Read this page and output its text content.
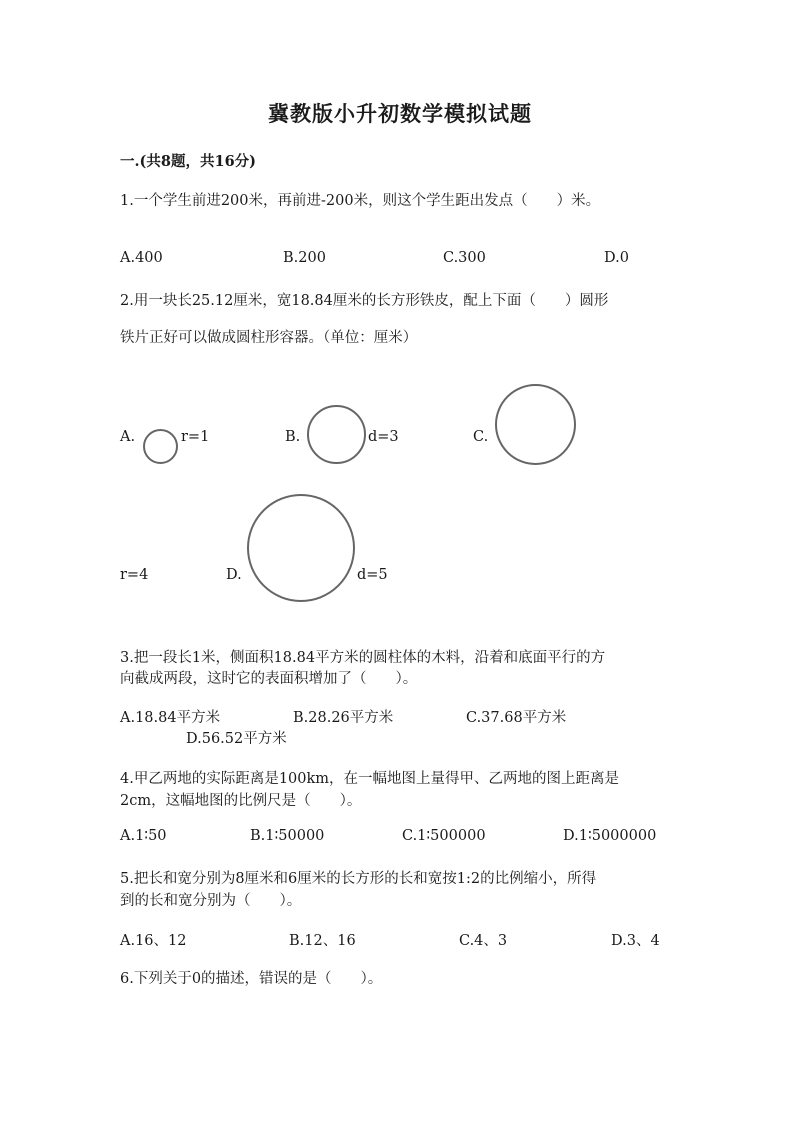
冀教版小升初数学模拟试题
一.(共8题，共16分)
1.一个学生前进200米，再前进-200米，则这个学生距出发点（　　）米。
A.400	B.200	C.300	D.0
2.用一块长25.12厘米，宽18.84厘米的长方形铁皮，配上下面（　　）圆形
铁片正好可以做成圆柱形容器。（单位：厘米）
A.	r=1	B.	d=3	C.
r=4	D.	d=5
3.把一段长1米，侧面积18.84平方米的圆柱体的木料，沿着和底面平行的方
向截成两段，这时它的表面积增加了（　　）。
A.18.84平方米	B.28.26平方米	C.37.68平方米
D.56.52平方米
4.甲乙两地的实际距离是100km，在一幅地图上量得甲、乙两地的图上距离是
2cm，这幅地图的比例尺是（　　）。
A.1∶50	B.1∶50000	C.1∶500000	D.1∶5000000
5.把长和宽分别为8厘米和6厘米的长方形的长和宽按1:2的比例缩小，所得
到的长和宽分别为（　　）。
A.16、12	B.12、16	C.4、3	D.3、4
6.下列关于0的描述，错误的是（　　）。
